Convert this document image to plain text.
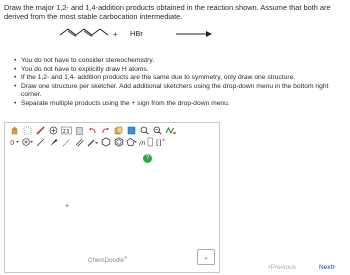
Draw the major 1,2- and 1,4-addition products obtained in the reaction shown. Assume that both are derived from the most stable carbocation intermediate.
+ HBr
• You do not have to consider stereochemistry.
• You do not have to explicitly draw H atoms.
• If the 1,2- and 1,4- addition products are the same due to symmetry, only draw one structure.
• Draw one structure per sketcher. Add additional sketchers using the drop-down menu in the bottom right corner.
• Separate multiple products using the + sign from the drop-down menu.
23
0	/n [] ±
?
+
ChemDoodle®	⌄
‹Previous	Next›
